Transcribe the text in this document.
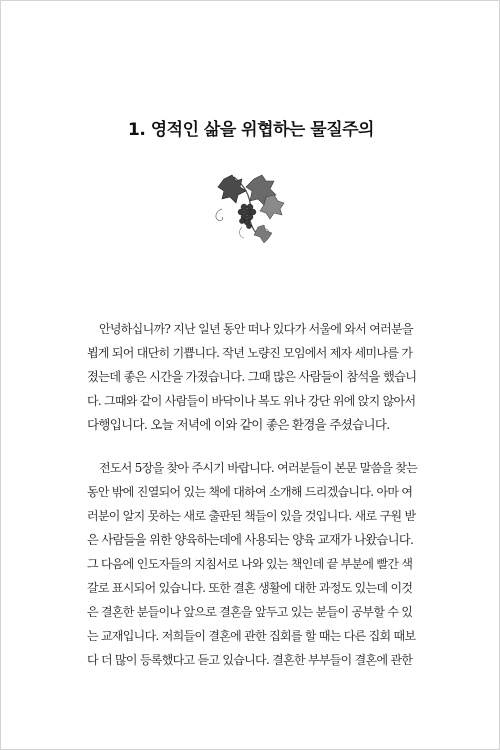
1. 영적인 삶을 위협하는 물질주의

안녕하십니까? 지난 일년 동안 떠나 있다가 서울에 와서 여러분을
뵙게 되어 대단히 기쁩니다. 작년 노량진 모임에서 제자 세미나를 가
졌는데 좋은 시간을 가졌습니다. 그때 많은 사람들이 참석을 했습니
다. 그때와 같이 사람들이 바닥이나 복도 위나 강단 위에 앉지 않아서
다행입니다. 오늘 저녁에 이와 같이 좋은 환경을 주셨습니다.

전도서 5장을 찾아 주시기 바랍니다. 여러분들이 본문 말씀을 찾는
동안 밖에 진열되어 있는 책에 대하여 소개해 드리겠습니다. 아마 여
러분이 알지 못하는 새로 출판된 책들이 있을 것입니다. 새로 구원 받
은 사람들을 위한 양육하는데에 사용되는 양육 교재가 나왔습니다.
그 다음에 인도자들의 지침서로 나와 있는 책인데 끝 부분에 빨간 색
갈로 표시되어 있습니다. 또한 결혼 생활에 대한 과정도 있는데 이것
은 결혼한 분들이나 앞으로 결혼을 앞두고 있는 분들이 공부할 수 있
는 교재입니다. 저희들이 결혼에 관한 집회를 할 때는 다른 집회 때보
다 더 많이 등록했다고 듣고 있습니다. 결혼한 부부들이 결혼에 관한
